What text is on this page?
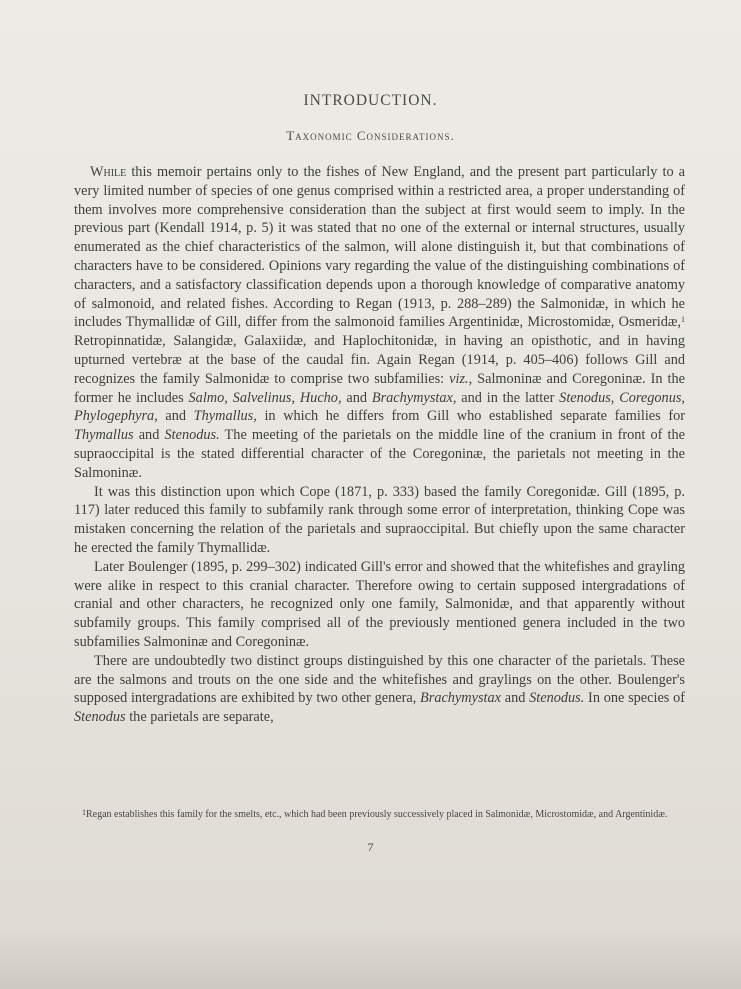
INTRODUCTION.
Taxonomic Considerations.

While this memoir pertains only to the fishes of New England, and the present part particularly to a very limited number of species of one genus comprised within a restricted area, a proper understanding of them involves more comprehensive consideration than the subject at first would seem to imply. In the previous part (Kendall 1914, p. 5) it was stated that no one of the external or internal structures, usually enumerated as the chief characteristics of the salmon, will alone distinguish it, but that combinations of characters have to be considered. Opinions vary regarding the value of the distinguishing combinations of characters, and a satisfactory classification depends upon a thorough knowledge of comparative anatomy of salmonoid, and related fishes. According to Regan (1913, p. 288–289) the Salmonidæ, in which he includes Thymallidæ of Gill, differ from the salmonoid families Argentinidæ, Microstomidæ, Osmeridæ,$^1$ Retropinnatidæ, Salangidæ, Galaxiidæ, and Haplochitonidæ, in having an opisthotic, and in having upturned vertebræ at the base of the caudal fin. Again Regan (1914, p. 405–406) follows Gill and recognizes the family Salmonidæ to comprise two subfamilies: viz., Salmoninæ and Coregoninæ. In the former he includes Salmo, Salvelinus, Hucho, and Brachymystax, and in the latter Stenodus, Coregonus, Phylogephyra, and Thymallus, in which he differs from Gill who established separate families for Thymallus and Stenodus. The meeting of the parietals on the middle line of the cranium in front of the supraoccipital is the stated differential character of the Coregoninæ, the parietals not meeting in the Salmoninæ.

It was this distinction upon which Cope (1871, p. 333) based the family Coregonidæ. Gill (1895, p. 117) later reduced this family to subfamily rank through some error of interpretation, thinking Cope was mistaken concerning the relation of the parietals and supraoccipital. But chiefly upon the same character he erected the family Thymallidæ.

Later Boulenger (1895, p. 299–302) indicated Gill's error and showed that the whitefishes and grayling were alike in respect to this cranial character. Therefore owing to certain supposed intergradations of cranial and other characters, he recognized only one family, Salmonidæ, and that apparently without subfamily groups. This family comprised all of the previously mentioned genera included in the two subfamilies Salmoninæ and Coregoninæ.

There are undoubtedly two distinct groups distinguished by this one character of the parietals. These are the salmons and trouts on the one side and the whitefishes and graylings on the other. Boulenger's supposed intergradations are exhibited by two other genera, Brachymystax and Stenodus. In one species of Stenodus the parietals are separate,

$^1$Regan establishes this family for the smelts, etc., which had been previously successively placed in Salmonidæ, Microstomidæ, and Argentinidæ.
7
